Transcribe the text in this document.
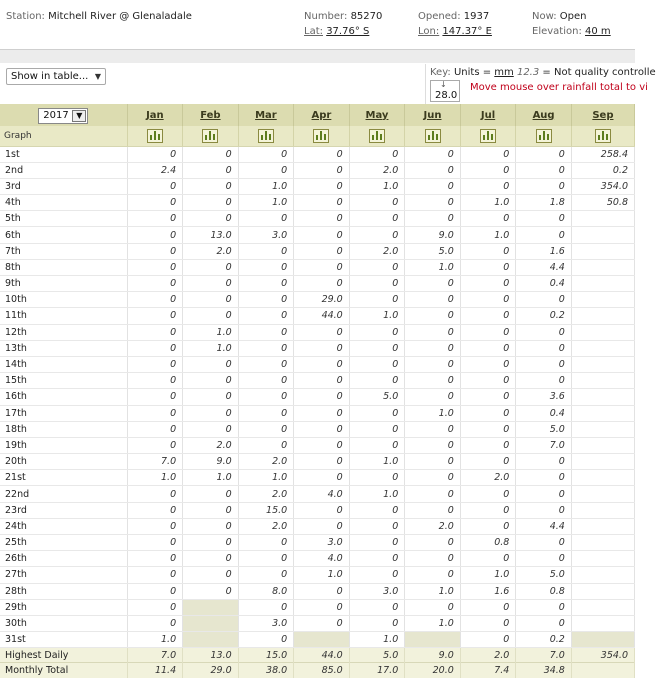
Station: Mitchell River @ Glenaladale	Number: 85270
Lat: 37.76° S
Opened: 1937
Lon: 147.37° E
Now: Open
Elevation: 40 m
Show in table... ▼	Key: Units = mm 12.3 = Not quality controlle
↓
28.0
Move mouse over rainfall total to vi
2017 ▼	Jan	Feb	Mar	Apr	May	Jun	Jul	Aug	Sep
Graph	

1st	0	0	0	0	0	0	0	0	258.4
2nd	2.4	0	0	0	2.0	0	0	0	0.2
3rd	0	0	1.0	0	1.0	0	0	0	354.0
4th	0	0	1.0	0	0	0	1.0	1.8	50.8
5th	0	0	0	0	0	0	0	0	
6th	0	13.0	3.0	0	0	9.0	1.0	0	
7th	0	2.0	0	0	2.0	5.0	0	1.6	
8th	0	0	0	0	0	1.0	0	4.4	
9th	0	0	0	0	0	0	0	0.4	
10th	0	0	0	29.0	0	0	0	0	
11th	0	0	0	44.0	1.0	0	0	0.2	
12th	0	1.0	0	0	0	0	0	0	
13th	0	1.0	0	0	0	0	0	0	
14th	0	0	0	0	0	0	0	0	
15th	0	0	0	0	0	0	0	0	
16th	0	0	0	0	5.0	0	0	3.6	
17th	0	0	0	0	0	1.0	0	0.4	
18th	0	0	0	0	0	0	0	5.0	
19th	0	2.0	0	0	0	0	0	7.0	
20th	7.0	9.0	2.0	0	1.0	0	0	0	
21st	1.0	1.0	1.0	0	0	0	2.0	0	
22nd	0	0	2.0	4.0	1.0	0	0	0	
23rd	0	0	15.0	0	0	0	0	0	
24th	0	0	2.0	0	0	2.0	0	4.4	
25th	0	0	0	3.0	0	0	0.8	0	
26th	0	0	0	4.0	0	0	0	0	
27th	0	0	0	1.0	0	0	1.0	5.0	
28th	0	0	8.0	0	3.0	1.0	1.6	0.8	
29th	0		0	0	0	0	0	0	
30th	0		3.0	0	0	1.0	0	0	
31st	1.0		0		1.0		0	0.2	
Highest Daily	7.0	13.0	15.0	44.0	5.0	9.0	2.0	7.0	354.0
Monthly Total	11.4	29.0	38.0	85.0	17.0	20.0	7.4	34.8	
